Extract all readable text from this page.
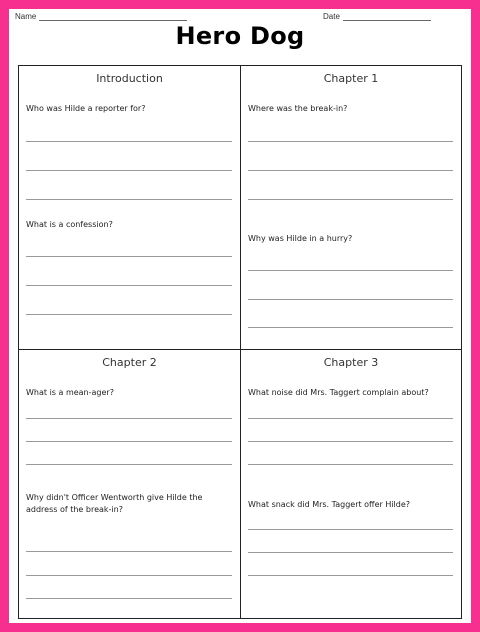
Name	Date
Hero Dog
Introduction
Who was Hilde a reporter for?
What is a confession?
Chapter 1
Where was the break-in?
Why was Hilde in a hurry?
Chapter 2
What is a mean-ager?
Why didn't Officer Wentworth give Hilde the address of the break-in?
Chapter 3
What noise did Mrs. Taggert complain about?
What snack did Mrs. Taggert offer Hilde?
